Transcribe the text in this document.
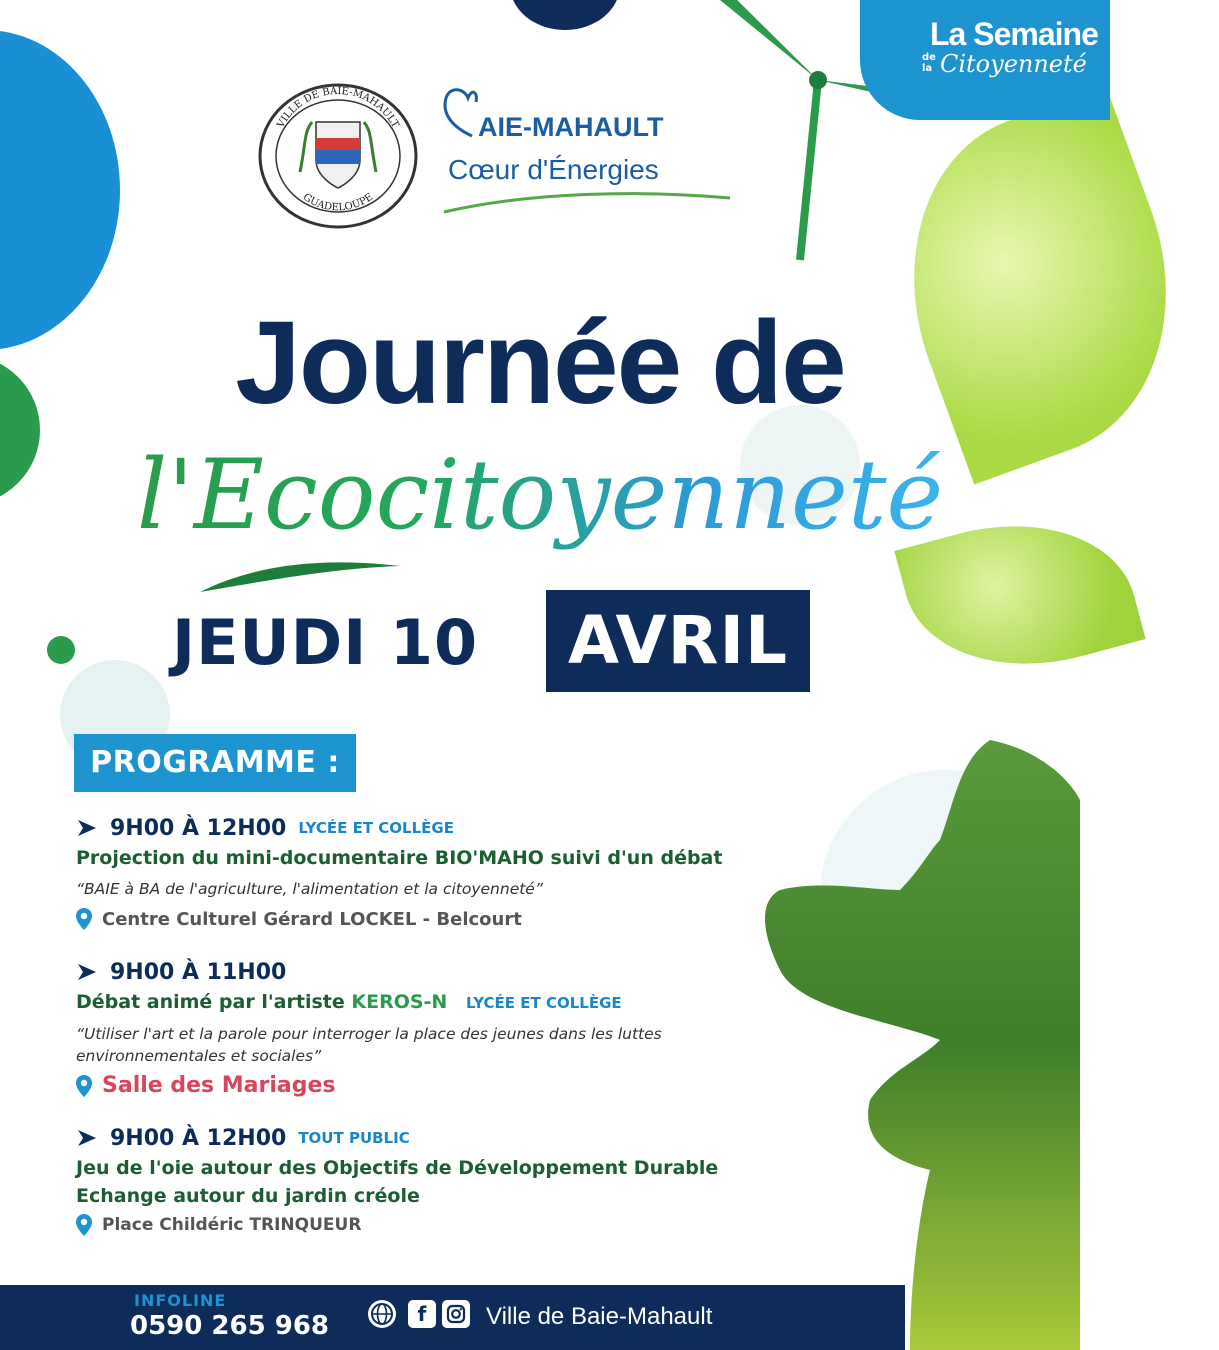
La Semaine
de
la Citoyenneté
VILLE DE BAIE-MAHAULT
GUADELOUPE
AIE-MAHAULT
Cœur d'Énergies
Journée de
l'Ecocitoyenneté
JEUDI 10	AVRIL
PROGRAMME :
9H00 À 12H00 LYCÉE ET COLLÈGE
Projection du mini-documentaire BIO'MAHO suivi d'un débat
“BAIE à BA de l'agriculture, l'alimentation et la citoyenneté”
Centre Culturel Gérard LOCKEL - Belcourt
9H00 À 11H00
Débat animé par l'artiste KEROS-N LYCÉE ET COLLÈGE
“Utiliser l'art et la parole pour interroger la place des jeunes dans les luttes environnementales et sociales”
Salle des Mariages
9H00 À 12H00 TOUT PUBLIC
Jeu de l'oie autour des Objectifs de Développement Durable
Echange autour du jardin créole
Place Childéric TRINQUEUR
INFOLINE
0590 265 968	f	Ville de Baie-Mahault
